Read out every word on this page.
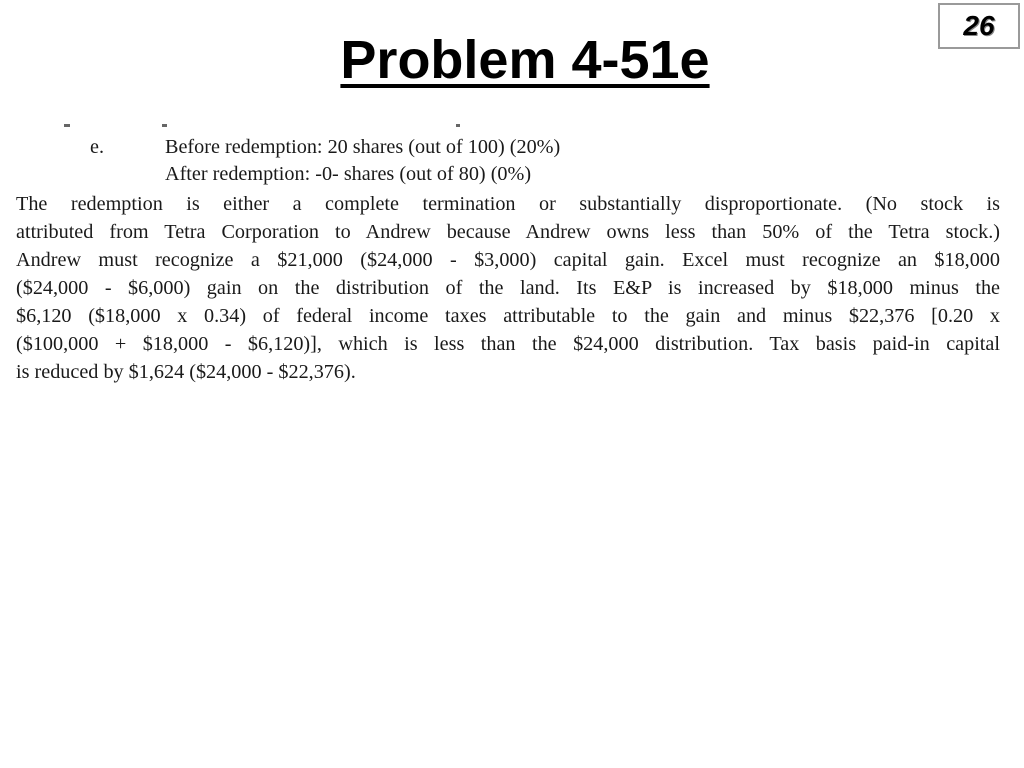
26
Problem 4-51e
e.	Before redemption: 20 shares (out of 100) (20%)
After redemption: -0- shares (out of 80) (0%)
The redemption is either a complete termination or substantially disproportionate. (No stock is
attributed from Tetra Corporation to Andrew because Andrew owns less than 50% of the Tetra stock.)
Andrew must recognize a $21,000 ($24,000 - $3,000) capital gain. Excel must recognize an $18,000
($24,000 - $6,000) gain on the distribution of the land. Its E&P is increased by $18,000 minus the
$6,120 ($18,000 x 0.34) of federal income taxes attributable to the gain and minus $22,376 [0.20 x
($100,000 + $18,000 - $6,120)], which is less than the $24,000 distribution. Tax basis paid-in capital
is reduced by $1,624 ($24,000 - $22,376).
